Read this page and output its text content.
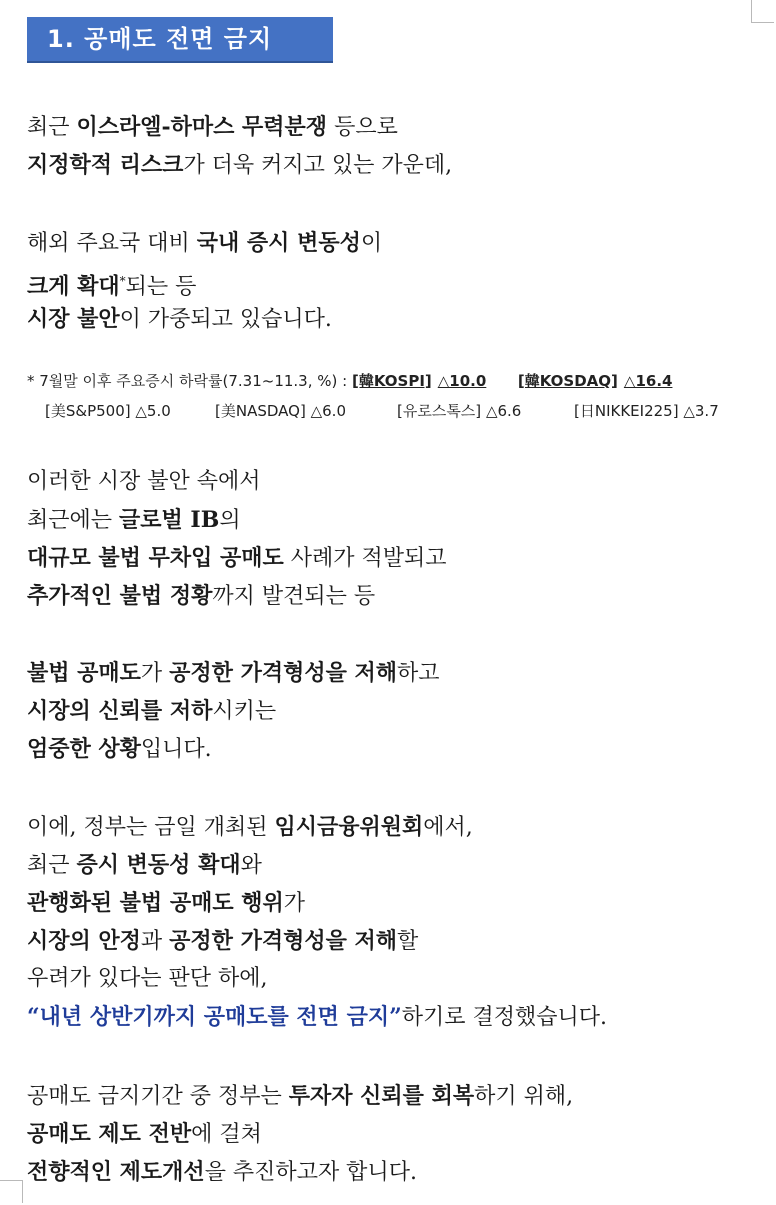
1. 공매도 전면 금지
최근 이스라엘-하마스 무력분쟁 등으로
지정학적 리스크가 더욱 커지고 있는 가운데,
해외 주요국 대비 국내 증시 변동성이
크게 확대*되는 등
시장 불안이 가중되고 있습니다.
* 7월말 이후 주요증시 하락률(7.31~11.3, %) : [韓KOSPI] △10.0 [韓KOSDAQ] △16.4
[美S&P500] △5.0	[美NASDAQ] △6.0	[유로스톡스] △6.6	[日NIKKEI225] △3.7
이러한 시장 불안 속에서
최근에는 글로벌 IB의
대규모 불법 무차입 공매도 사례가 적발되고
추가적인 불법 정황까지 발견되는 등
불법 공매도가 공정한 가격형성을 저해하고
시장의 신뢰를 저하시키는
엄중한 상황입니다.
이에, 정부는 금일 개최된 임시금융위원회에서,
최근 증시 변동성 확대와
관행화된 불법 공매도 행위가
시장의 안정과 공정한 가격형성을 저해할
우려가 있다는 판단 하에,
“내년 상반기까지 공매도를 전면 금지”하기로 결정했습니다.
공매도 금지기간 중 정부는 투자자 신뢰를 회복하기 위해,
공매도 제도 전반에 걸쳐
전향적인 제도개선을 추진하고자 합니다.
